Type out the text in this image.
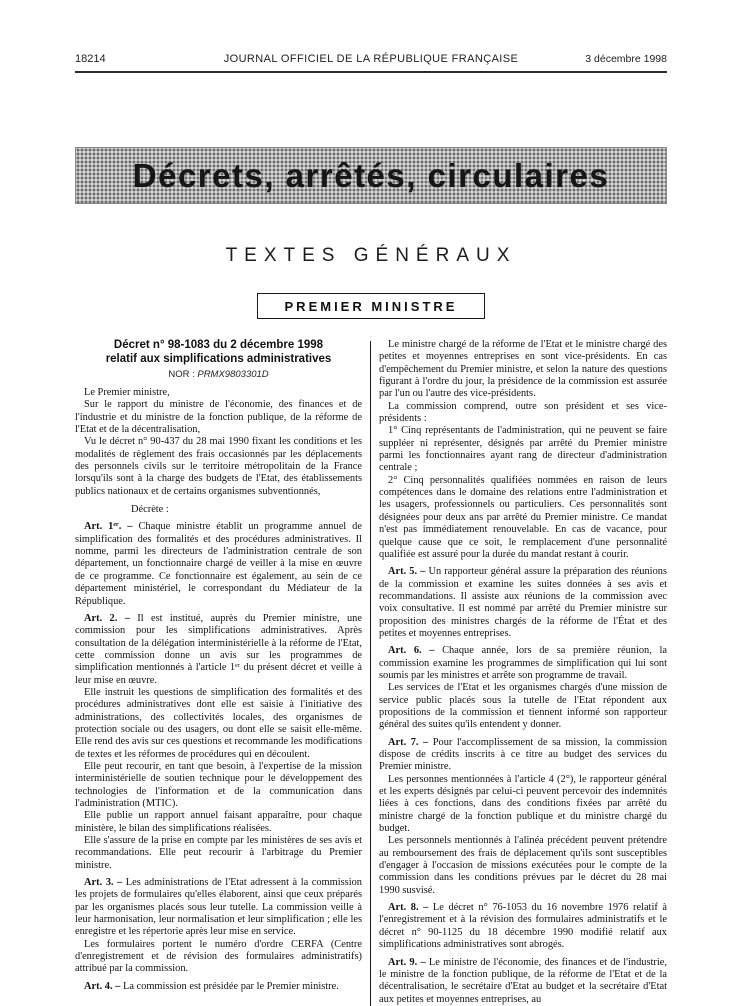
18214	JOURNAL OFFICIEL DE LA RÉPUBLIQUE FRANÇAISE	3 décembre 1998
Décrets, arrêtés, circulaires
TEXTES GÉNÉRAUX
PREMIER MINISTRE
Décret n° 98-1083 du 2 décembre 1998
relatif aux simplifications administratives
NOR : PRMX9803301D

Le Premier ministre,

Sur le rapport du ministre de l'économie, des finances et de l'industrie et du ministre de la fonction publique, de la réforme de l'Etat et de la décentralisation,

Vu le décret n° 90-437 du 28 mai 1990 fixant les conditions et les modalités de règlement des frais occasionnés par les déplacements des personnels civils sur le territoire métropolitain de la France lorsqu'ils sont à la charge des budgets de l'Etat, des établissements publics nationaux et de certains organismes subventionnés,

Décrète :

Art. 1ᵉʳ. – Chaque ministre établit un programme annuel de simplification des formalités et des procédures administratives. Il nomme, parmi les directeurs de l'administration centrale de son département, un fonctionnaire chargé de veiller à la mise en œuvre de ce programme. Ce fonctionnaire est également, au sein de ce département ministériel, le correspondant du Médiateur de la République.

Art. 2. – Il est institué, auprès du Premier ministre, une commission pour les simplifications administratives. Après consultation de la délégation interministérielle à la réforme de l'Etat, cette commission donne un avis sur les programmes de simplification mentionnés à l'article 1ᵉʳ du présent décret et veille à leur mise en œuvre.

Elle instruit les questions de simplification des formalités et des procédures administratives dont elle est saisie à l'initiative des administrations, des collectivités locales, des organismes de protection sociale ou des usagers, ou dont elle se saisit elle-même. Elle rend des avis sur ces questions et recommande les modifications de textes et les réformes de procédures qui en découlent.

Elle peut recourir, en tant que besoin, à l'expertise de la mission interministérielle de soutien technique pour le développement des technologies de l'information et de la communication dans l'administration (MTIC).

Elle publie un rapport annuel faisant apparaître, pour chaque ministère, le bilan des simplifications réalisées.

Elle s'assure de la prise en compte par les ministères de ses avis et recommandations. Elle peut recourir à l'arbitrage du Premier ministre.

Art. 3. – Les administrations de l'Etat adressent à la commission les projets de formulaires qu'elles élaborent, ainsi que ceux préparés par les organismes placés sous leur tutelle. La commission veille à leur harmonisation, leur normalisation et leur simplification ; elle les enregistre et les répertorie après leur mise en service.

Les formulaires portent le numéro d'ordre CERFA (Centre d'enregistrement et de révision des formulaires administratifs) attribué par la commission.

Art. 4. – La commission est présidée par le Premier ministre.

Le ministre chargé de la réforme de l'Etat et le ministre chargé des petites et moyennes entreprises en sont vice-présidents. En cas d'empêchement du Premier ministre, et selon la nature des questions figurant à l'ordre du jour, la présidence de la commission est assurée par l'un ou l'autre des vice-présidents.

La commission comprend, outre son président et ses vice-présidents :

1° Cinq représentants de l'administration, qui ne peuvent se faire suppléer ni représenter, désignés par arrêté du Premier ministre parmi les fonctionnaires ayant rang de directeur d'administration centrale ;

2° Cinq personnalités qualifiées nommées en raison de leurs compétences dans le domaine des relations entre l'administration et les usagers, professionnels ou particuliers. Ces personnalités sont désignées pour deux ans par arrêté du Premier ministre. Ce mandat n'est pas immédiatement renouvelable. En cas de vacance, pour quelque cause que ce soit, le remplacement d'une personnalité qualifiée est assuré pour la durée du mandat restant à courir.

Art. 5. – Un rapporteur général assure la préparation des réunions de la commission et examine les suites données à ses avis et recommandations. Il assiste aux réunions de la commission avec voix consultative. Il est nommé par arrêté du Premier ministre sur proposition des ministres chargés de la réforme de l'État et des petites et moyennes entreprises.

Art. 6. – Chaque année, lors de sa première réunion, la commission examine les programmes de simplification qui lui sont soumis par les ministres et arrête son programme de travail.

Les services de l'Etat et les organismes chargés d'une mission de service public placés sous la tutelle de l'Etat répondent aux propositions de la commission et tiennent informé son rapporteur général des suites qu'ils entendent y donner.

Art. 7. – Pour l'accomplissement de sa mission, la commission dispose de crédits inscrits à ce titre au budget des services du Premier ministre.

Les personnes mentionnées à l'article 4 (2°), le rapporteur général et les experts désignés par celui-ci peuvent percevoir des indemnités liées à ces fonctions, dans des conditions fixées par arrêté du ministre chargé de la fonction publique et du ministre chargé du budget.

Les personnels mentionnés à l'alinéa précédent peuvent prétendre au remboursement des frais de déplacement qu'ils sont susceptibles d'engager à l'occasion de missions exécutées pour le compte de la commission dans les conditions prévues par le décret du 28 mai 1990 susvisé.

Art. 8. – Le décret n° 76-1053 du 16 novembre 1976 relatif à l'enregistrement et à la révision des formulaires administratifs et le décret n° 90-1125 du 18 décembre 1990 modifié relatif aux simplifications administratives sont abrogés.

Art. 9. – Le ministre de l'économie, des finances et de l'industrie, le ministre de la fonction publique, de la réforme de l'Etat et de la décentralisation, le secrétaire d'Etat au budget et la secrétaire d'Etat aux petites et moyennes entreprises, au
